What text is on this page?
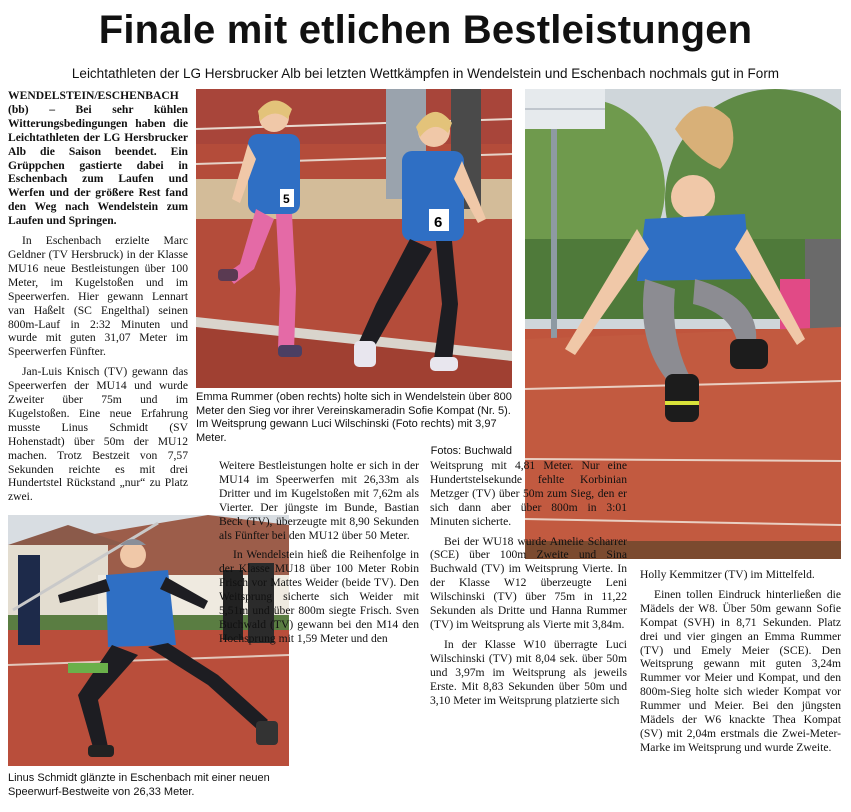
Finale mit etlichen Bestleistungen
Leichtathleten der LG Hersbrucker Alb bei letzten Wettkämpfen in Wendelstein und Eschenbach nochmals gut in Form

WENDELSTEIN/ESCHENBACH (bb) – Bei sehr kühlen Witterungsbedingungen haben die Leichtathleten der LG Hersbrucker Alb die Saison beendet. Ein Grüppchen gastierte dabei in Eschenbach zum Laufen und Werfen und der größere Rest fand den Weg nach Wendelstein zum Laufen und Springen.

In Eschenbach erzielte Marc Geldner (TV Hersbruck) in der Klasse MU16 neue Bestleistungen über 100 Meter, im Kugelstoßen und im Speerwerfen. Hier gewann Lennart van Haßelt (SC Engelthal) seinen 800m-Lauf in 2:32 Minuten und wurde mit guten 31,07 Meter im Speerwerfen Fünfter.

Jan-Luis Knisch (TV) gewann das Speerwerfen der MU14 und wurde Zweiter über 75m und im Kugelstoßen. Eine neue Erfahrung musste Linus Schmidt (SV Hohenstadt) über 50m der MU12 machen. Trotz Bestzeit von 7,57 Sekunden reichte es mit drei Hundertstel Rückstand „nur“ zu Platz zwei.

5
6
Emma Rummer (oben rechts) holte sich in Wendelstein über 800 Meter den Sieg vor ihrer Vereinskameradin Sofie Kompat (Nr. 5). Im Weitsprung gewann Luci Wilschinski (Foto rechts) mit 3,97 Meter.
Fotos: Buchwald
Linus Schmidt glänzte in Eschenbach mit einer neuen Speerwurf-Bestweite von 26,33 Meter.

Weitere Bestleistungen holte er sich in der MU14 im Speerwerfen mit 26,33m als Dritter und im Kugelstoßen mit 7,62m als Vierter. Der jüngste im Bunde, Bastian Beck (TV), überzeugte mit 8,90 Sekunden als Fünfter bei den MU12 über 50 Meter.

In Wendelstein hieß die Reihenfolge in der Klasse MU18 über 100 Meter Robin Frisch vor Mattes Weider (beide TV). Den Weitsprung sicherte sich Weider mit 5,51m und über 800m siegte Frisch. Sven Buchwald (TV) gewann bei den M14 den Hochsprung mit 1,59 Meter und den

Weitsprung mit 4,81 Meter. Nur eine Hundertstelsekunde fehlte Korbinian Metzger (TV) über 50m zum Sieg, den er sich dann aber über 800m in 3:01 Minuten sicherte.

Bei der WU18 wurde Amelie Scharrer (SCE) über 100m Zweite und Sina Buchwald (TV) im Weitsprung Vierte. In der Klasse W12 überzeugte Leni Wilschinski (TV) über 75m in 11,22 Sekunden als Dritte und Hanna Rummer (TV) im Weitsprung als Vierte mit 3,84m.

In der Klasse W10 überragte Luci Wilschinski (TV) mit 8,04 sek. über 50m und 3,97m im Weitsprung als jeweils Erste. Mit 8,83 Sekunden über 50m und 3,10 Meter im Weitsprung platzierte sich

Holly Kemmitzer (TV) im Mittelfeld.

Einen tollen Eindruck hinterließen die Mädels der W8. Über 50m gewann Sofie Kompat (SVH) in 8,71 Sekunden. Platz drei und vier gingen an Emma Rummer (TV) und Emely Meier (SCE). Den Weitsprung gewann mit guten 3,24m Rummer vor Meier und Kompat, und den 800m-Sieg holte sich wieder Kompat vor Rummer und Meier. Bei den jüngsten Mädels der W6 knackte Thea Kompat (SV) mit 2,04m erstmals die Zwei-Meter-Marke im Weitsprung und wurde Zweite.
